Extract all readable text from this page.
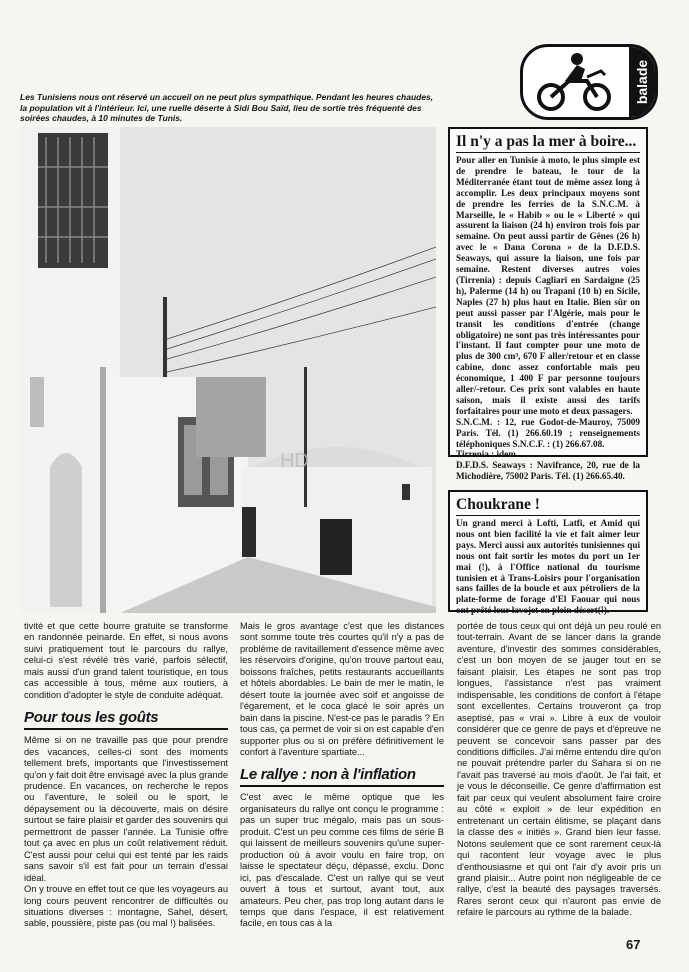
Les Tunisiens nous ont réservé un accueil on ne peut plus sympathique. Pendant les heures chaudes, la population vit à l'intérieur. Ici, une ruelle déserte à Sidi Bou Saïd, lieu de sortie très fréquenté des soirées chaudes, à 10 minutes de Tunis.
balade
HD
Il n'y a pas la mer à boire...

Pour aller en Tunisie à moto, le plus simple est de prendre le bateau, le tour de la Méditerranée étant tout de même assez long à accomplir. Les deux principaux moyens sont de prendre les ferries de la S.N.C.M. à Marseille, le « Habib » ou le « Liberté » qui assurent la liaison (24 h) environ trois fois par semaine. On peut aussi partir de Gênes (26 h) avec le « Dana Corona » de la D.F.D.S. Seaways, qui assure la liaison, une fois par semaine. Restent diverses autres voies (Tirrenia) : depuis Cagliari en Sardaigne (25 h), Palerme (14 h) ou Trapani (10 h) en Sicile, Naples (27 h) plus haut en Italie. Bien sûr on peut aussi passer par l'Algérie, mais pour le transit les conditions d'entrée (change obligatoire) ne sont pas très intéressantes pour l'instant. Il faut compter pour une moto de plus de 300 cm³, 670 F aller/retour et en classe cabine, donc assez confortable mais peu économique, 1 400 F par personne toujours aller/-retour. Ces prix sont valables en haute saison, mais il existe aussi des tarifs forfaitaires pour une moto et deux passagers.

S.N.C.M. : 12, rue Godot-de-Mauroy, 75009 Paris. Tél. (1) 266.60.19 ; renseignements téléphoniques S.N.C.F. : (1) 266.67.08.

Tirrenia : idem.

D.F.D.S. Seaways : Navifrance, 20, rue de la Michodière, 75002 Paris. Tél. (1) 266.65.40.

Choukrane !

Un grand merci à Lofti, Latfi, et Amid qui nous ont bien facilité la vie et fait aimer leur pays. Merci aussi aux autorités tunisiennes qui nous ont fait sortir les motos du port un 1er mai (!), à l'Office national du tourisme tunisien et à Trans-Loisirs pour l'organisation sans failles de la boucle et aux pétroliers de la plate-forme de forage d'El Faouar qui nous ont prêté leur lavojet en plein désert(!).

tivité et que cette bourre gratuite se transforme en randonnée peinarde. En effet, si nous avons suivi pratiquement tout le parcours du rallye, celui-ci s'est révélé très varié, parfois sélectif, mais aussi d'un grand talent touristique, en tous cas accessible à tous, même aux routiers, à condition d'adopter le style de conduite adéquat.

Pour tous les goûts

Même si on ne travaille pas que pour prendre des vacances, celles-ci sont des moments tellement brefs, importants que l'investissement qu'on y fait doit être envisagé avec la plus grande prudence. En vacances, on recherche le repos ou l'aventure, le soleil ou le sport, le dépaysement ou la découverte, mais on désire surtout se faire plaisir et garder des souvenirs qui permettront de passer l'année. La Tunisie offre tout ça avec en plus un coût relativement réduit. C'est aussi pour celui qui est tenté par les raids sans savoir s'il est fait pour un terrain d'essai idéal.

On y trouve en effet tout ce que les voyageurs au long cours peuvent rencontrer de difficultés ou situations diverses : montagne, Sahel, désert, sable, poussière, piste pas (ou mal !) balisées.

Mais le gros avantage c'est que les distances sont somme toute très courtes qu'il n'y a pas de problème de ravitaillement d'essence même avec les réservoirs d'origine, qu'on trouve partout eau, boissons fraîches, petits restaurants accueillants et hôtels abordables. Le bain de mer le matin, le désert toute la journée avec soif et angoisse de l'égarement, et le coca glacé le soir après un bain dans la piscine. N'est-ce pas le paradis ? En tous cas, ça permet de voir si on est capable d'en supporter plus ou si on préfère définitivement le confort à l'aventure spartiate...

Le rallye : non à l'inflation

C'est avec le même optique que les organisateurs du rallye ont conçu le programme : pas un super truc mégalo, mais pas un sous-produit. C'est un peu comme ces films de série B qui laissent de meilleurs souvenirs qu'une super-production où à avoir voulu en faire trop, on laisse le spectateur déçu, dépassé, exclu. Donc ici, pas d'escalade. C'est un rallye qui se veut ouvert à tous et surtout, avant tout, aux amateurs. Peu cher, pas trop long autant dans le temps que dans l'espace, il est relativement facile, en tous cas à la

portée de tous ceux qui ont déjà un peu roulé en tout-terrain. Avant de se lancer dans la grande aventure, d'investir des sommes considérables, c'est un bon moyen de se jauger tout en se faisant plaisir. Les étapes ne sont pas trop longues, l'assistance n'est pas vraiment indispensable, les conditions de confort à l'étape sont excellentes. Certains trouveront ça trop aseptisé, pas « vrai ». Libre à eux de vouloir considérer que ce genre de pays et d'épreuve ne peuvent se concevoir sans passer par des conditions difficiles. J'ai même entendu dire qu'on ne pouvait prétendre parler du Sahara si on ne l'avait pas traversé au mois d'août. Je l'ai fait, et je vous le déconseille. Ce genre d'affirmation est fait par ceux qui veulent absolument faire croire au côté « exploit » de leur expédition en entretenant un certain élitisme, se plaçant dans la classe des « initiés ». Grand bien leur fasse. Notons seulement que ce sont rarement ceux-là qui racontent leur voyage avec le plus d'enthousiasme et qui ont l'air d'y avoir pris un grand plaisir... Autre point non négligeable de ce rallye, c'est la beauté des paysages traversés. Rares seront ceux qui n'auront pas envie de refaire le parcours au rythme de la balade.

67
